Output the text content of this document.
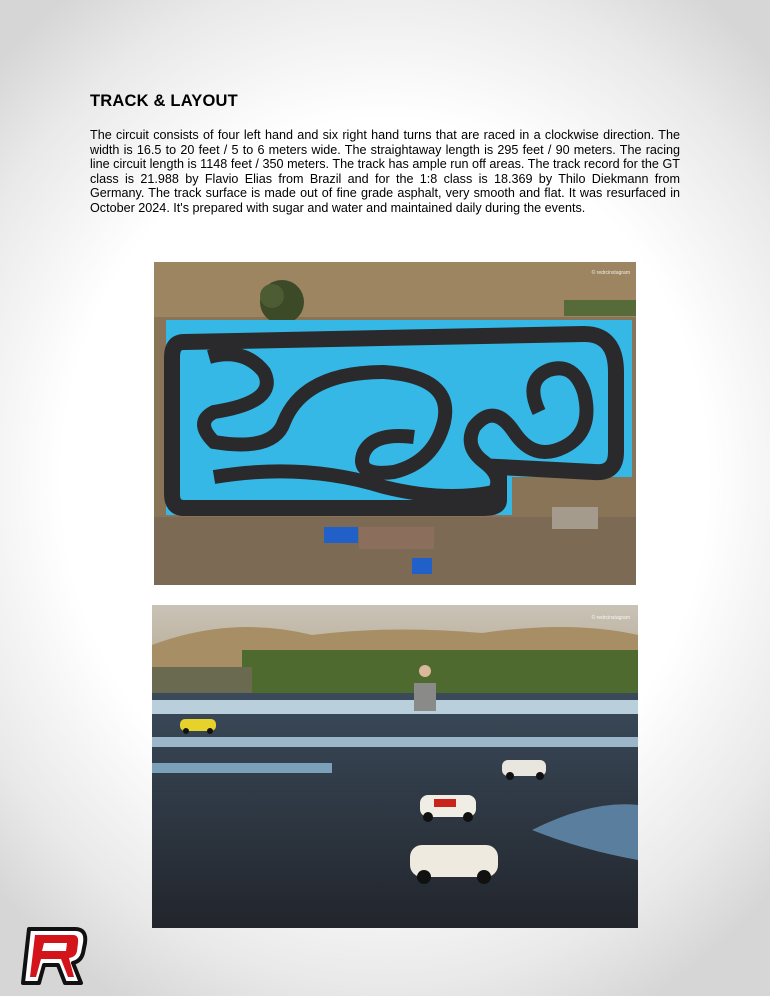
TRACK & LAYOUT

The circuit consists of four left hand and six right hand turns that are raced in a clockwise direction. The width is 16.5 to 20 feet / 5 to 6 meters wide. The straightaway length is 295 feet / 90 meters. The racing line circuit length is 1148 feet / 350 meters. The track has ample run off areas. The track record for the GT class is 21.988 by Flavio Elias from Brazil and for the 1:8 class is 18.369 by Thilo Diekmann from Germany. The track surface is made out of fine grade asphalt, very smooth and flat. It was resurfaced in October 2024. It's prepared with sugar and water and maintained daily during the events.

© redrcinstagram
© redrcinstagram
